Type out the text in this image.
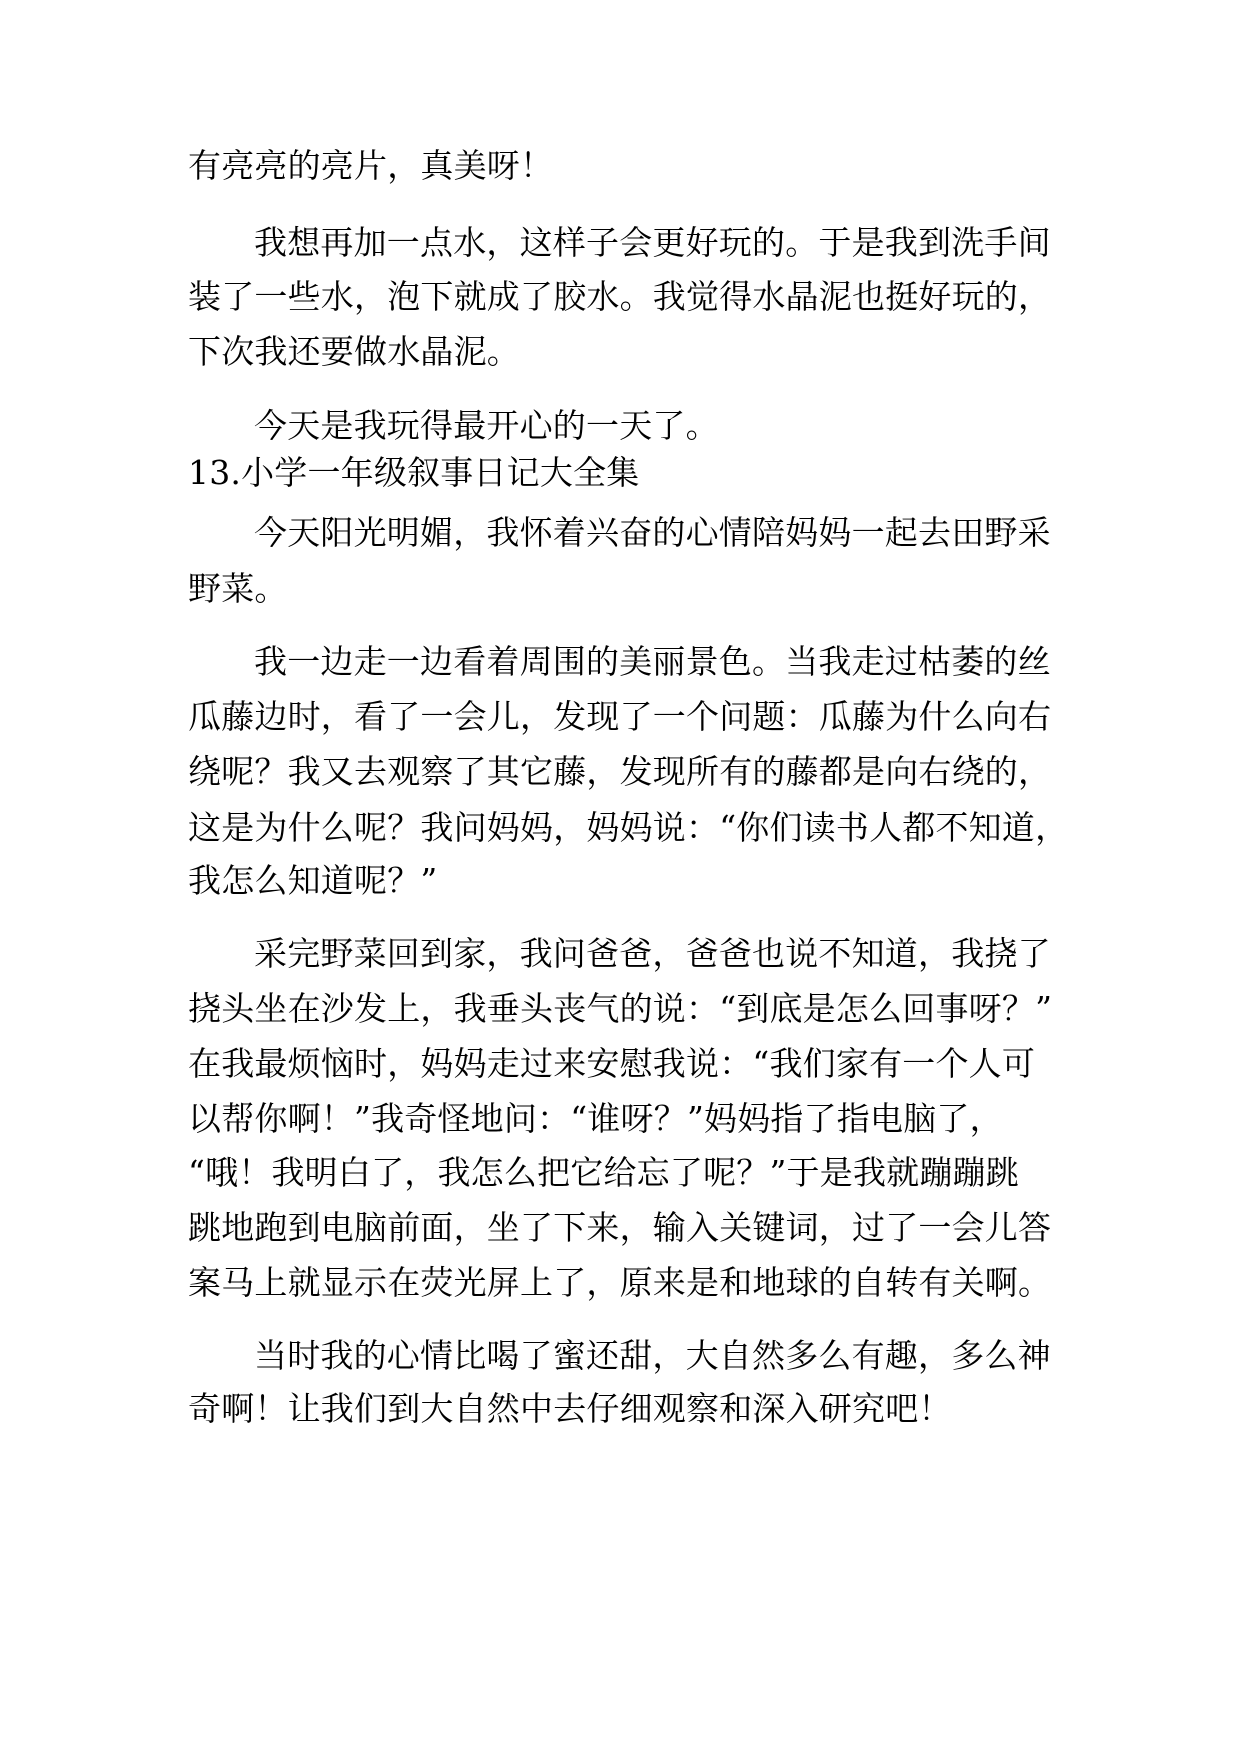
有亮亮的亮片，真美呀！
我想再加一点水，这样子会更好玩的。于是我到洗手间
装了一些水，泡下就成了胶水。我觉得水晶泥也挺好玩的，
下次我还要做水晶泥。
今天是我玩得最开心的一天了。
13.小学一年级叙事日记大全集
今天阳光明媚，我怀着兴奋的心情陪妈妈一起去田野采
野菜。
我一边走一边看着周围的美丽景色。当我走过枯萎的丝
瓜藤边时，看了一会儿，发现了一个问题：瓜藤为什么向右
绕呢？我又去观察了其它藤，发现所有的藤都是向右绕的，
这是为什么呢？我问妈妈，妈妈说：“你们读书人都不知道，
我怎么知道呢？”
采完野菜回到家，我问爸爸，爸爸也说不知道，我挠了
挠头坐在沙发上，我垂头丧气的说：“到底是怎么回事呀？”
在我最烦恼时，妈妈走过来安慰我说：“我们家有一个人可
以帮你啊！”我奇怪地问：“谁呀？”妈妈指了指电脑了，
“哦！我明白了，我怎么把它给忘了呢？”于是我就蹦蹦跳
跳地跑到电脑前面，坐了下来，输入关键词，过了一会儿答
案马上就显示在荧光屏上了，原来是和地球的自转有关啊。
当时我的心情比喝了蜜还甜，大自然多么有趣，多么神
奇啊！让我们到大自然中去仔细观察和深入研究吧！
